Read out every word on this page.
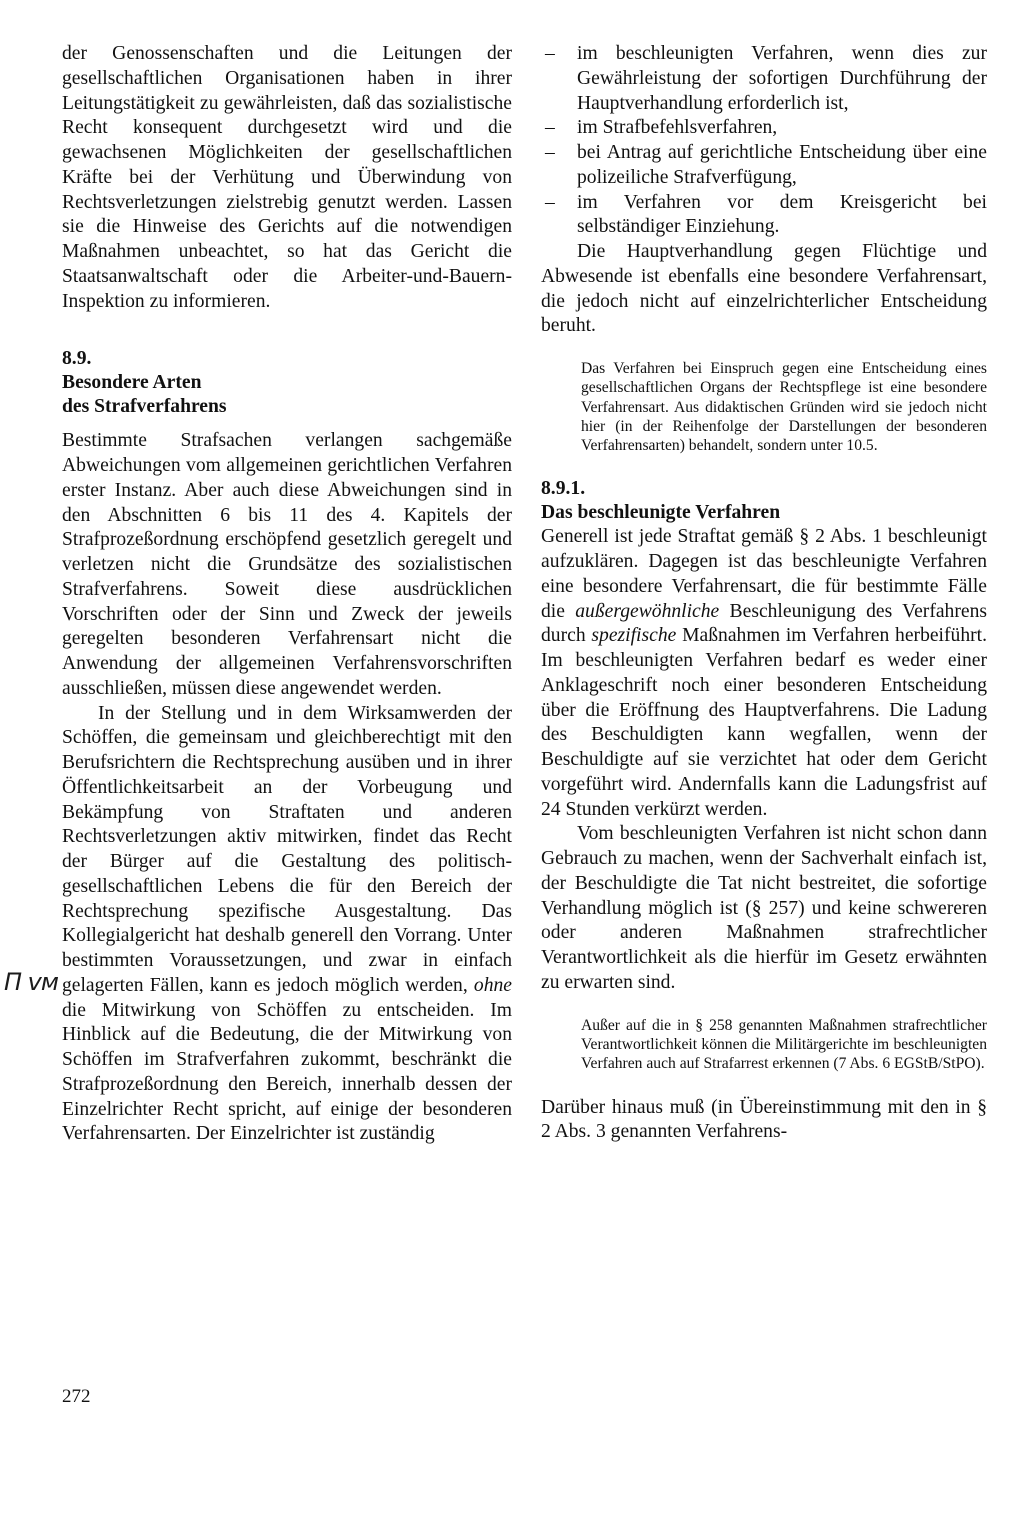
der Genossenschaften und die Leitungen der gesellschaftlichen Organisationen haben in ihrer Leitungstätigkeit zu gewährleisten, daß das sozialistische Recht konsequent durchgesetzt wird und die gewachsenen Möglichkeiten der gesellschaftlichen Kräfte bei der Verhütung und Überwindung von Rechtsverletzungen zielstrebig genutzt werden. Lassen sie die Hinweise des Gerichts auf die notwendigen Maßnahmen unbeachtet, so hat das Gericht die Staatsanwaltschaft oder die Arbeiter-und-Bauern-Inspektion zu informieren.

8.9.

Besondere Arten

des Strafverfahrens

Bestimmte Strafsachen verlangen sachgemäße Abweichungen vom allgemeinen gerichtlichen Verfahren erster Instanz. Aber auch diese Abweichungen sind in den Abschnitten 6 bis 11 des 4. Kapitels der Strafprozeßordnung erschöpfend gesetzlich geregelt und verletzen nicht die Grundsätze des sozialistischen Strafverfahrens. Soweit diese ausdrücklichen Vorschriften oder der Sinn und Zweck der jeweils geregelten besonderen Verfahrensart nicht die Anwendung der allgemeinen Verfahrensvorschriften ausschließen, müssen diese angewendet werden.

In der Stellung und in dem Wirksamwerden der Schöffen, die gemeinsam und gleichberechtigt mit den Berufsrichtern die Rechtsprechung ausüben und in ihrer Öffentlichkeitsarbeit an der Vorbeugung und Bekämpfung von Straftaten und anderen Rechtsverletzungen aktiv mitwirken, findet das Recht der Bürger auf die Gestaltung des politisch-gesellschaftlichen Lebens die für den Bereich der Rechtsprechung spezifische Ausgestaltung. Das Kollegialgericht hat deshalb generell den Vorrang. Unter bestimmten Voraussetzungen, und zwar in einfach gelagerten Fällen, kann es jedoch möglich werden, ohne die Mitwirkung von Schöffen zu entscheiden. Im Hinblick auf die Bedeutung, die der Mitwirkung von Schöffen im Strafverfahren zukommt, beschränkt die Strafprozeßordnung den Bereich, innerhalb dessen der Einzelrichter Recht spricht, auf einige der besonderen Verfahrensarten. Der Einzelrichter ist zuständig

Π vм
– im beschleunigten Verfahren, wenn dies zur Gewährleistung der sofortigen Durchführung der Hauptverhandlung erforderlich ist,
– im Strafbefehlsverfahren,
– bei Antrag auf gerichtliche Entscheidung über eine polizeiliche Strafverfügung,
– im Verfahren vor dem Kreisgericht bei selbständiger Einziehung.

Die Hauptverhandlung gegen Flüchtige und Abwesende ist ebenfalls eine besondere Verfahrensart, die jedoch nicht auf einzelrichterlicher Entscheidung beruht.

Das Verfahren bei Einspruch gegen eine Entscheidung eines gesellschaftlichen Organs der Rechtspflege ist eine besondere Verfahrensart. Aus didaktischen Gründen wird sie jedoch nicht hier (in der Reihenfolge der Darstellungen der besonderen Verfahrensarten) behandelt, sondern unter 10.5.

8.9.1.

Das beschleunigte Verfahren

Generell ist jede Straftat gemäß § 2 Abs. 1 beschleunigt aufzuklären. Dagegen ist das beschleunigte Verfahren eine besondere Verfahrensart, die für bestimmte Fälle die außergewöhnliche Beschleunigung des Verfahrens durch spezifische Maßnahmen im Verfahren herbeiführt. Im beschleunigten Verfahren bedarf es weder einer Anklageschrift noch einer besonderen Entscheidung über die Eröffnung des Hauptverfahrens. Die Ladung des Beschuldigten kann wegfallen, wenn der Beschuldigte auf sie verzichtet hat oder dem Gericht vorgeführt wird. Andernfalls kann die Ladungsfrist auf 24 Stunden verkürzt werden.

Vom beschleunigten Verfahren ist nicht schon dann Gebrauch zu machen, wenn der Sachverhalt einfach ist, der Beschuldigte die Tat nicht bestreitet, die sofortige Verhandlung möglich ist (§ 257) und keine schwereren oder anderen Maßnahmen strafrechtlicher Verantwortlichkeit als die hierfür im Gesetz erwähnten zu erwarten sind.

Außer auf die in § 258 genannten Maßnahmen strafrechtlicher Verantwortlichkeit können die Militärgerichte im beschleunigten Verfahren auch auf Strafarrest erkennen (7 Abs. 6 EGStB/StPO).

Darüber hinaus muß (in Übereinstimmung mit den in § 2 Abs. 3 genannten Verfahrens-

272
